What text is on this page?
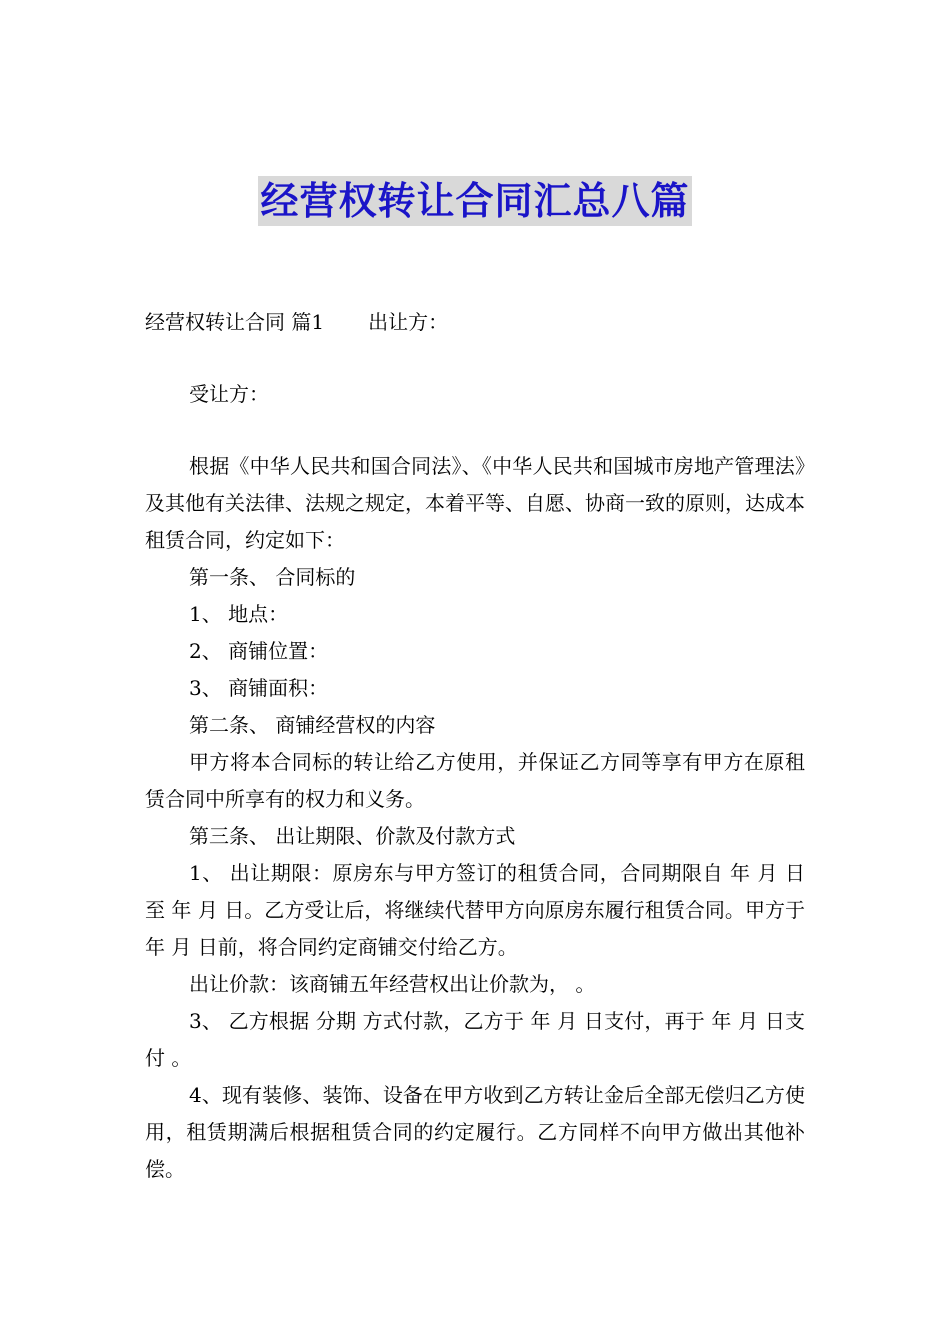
经营权转让合同汇总八篇
经营权转让合同 篇1 出让方：
受让方：
根据《中华人民共和国合同法》、《中华人民共和国城市房地产管理法》及其他有关法律、法规之规定，本着平等、自愿、协商一致的原则，达成本租赁合同，约定如下：
第一条、 合同标的
1、 地点：
2、 商铺位置：
3、 商铺面积：
第二条、 商铺经营权的内容
甲方将本合同标的转让给乙方使用，并保证乙方同等享有甲方在原租赁合同中所享有的权力和义务。
第三条、 出让期限、价款及付款方式
1、 出让期限：原房东与甲方签订的租赁合同，合同期限自 年 月 日至 年 月 日。乙方受让后，将继续代替甲方向原房东履行租赁合同。甲方于 年 月 日前，将合同约定商铺交付给乙方。
出让价款：该商铺五年经营权出让价款为， 。
3、 乙方根据 分期 方式付款，乙方于 年 月 日支付，再于 年 月 日支付 。
4、现有装修、装饰、设备在甲方收到乙方转让金后全部无偿归乙方使用，租赁期满后根据租赁合同的约定履行。乙方同样不向甲方做出其他补偿。
